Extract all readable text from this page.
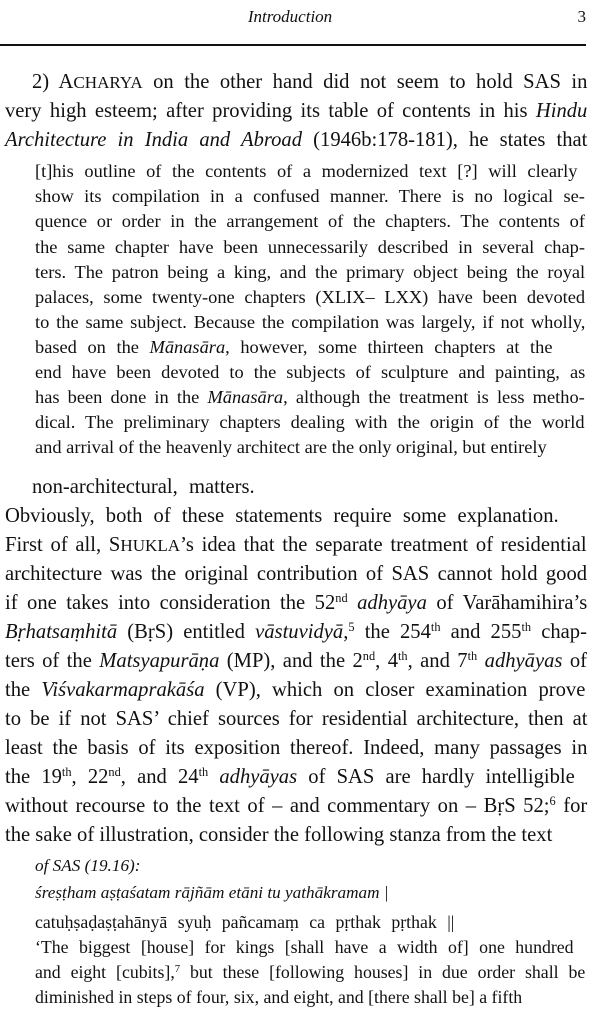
Introduction	3
2) ACHARYA on the other hand did not seem to hold SAS in
very high esteem; after providing its table of contents in his Hindu
Architecture in India and Abroad (1946b:178-181), he states that
[t]his outline of the contents of a modernized text [?] will clearly
show its compilation in a confused manner. There is no logical se-
quence or order in the arrangement of the chapters. The contents of
the same chapter have been unnecessarily described in several chap-
ters. The patron being a king, and the primary object being the royal
palaces, some twenty-one chapters (XLIX– LXX) have been devoted
to the same subject. Because the compilation was largely, if not wholly,
based on the Mānasāra, however, some thirteen chapters at the
end have been devoted to the subjects of sculpture and painting, as
has been done in the Mānasāra, although the treatment is less metho-
dical. The preliminary chapters dealing with the origin of the world
and arrival of the heavenly architect are the only original, but entirely
non-architectural, matters.
Obviously, both of these statements require some explanation.
First of all, SHUKLA’s idea that the separate treatment of residential
architecture was the original contribution of SAS cannot hold good
if one takes into consideration the 52nd adhyāya of Varāhamihira’s
Bṛhatsaṃhitā (BṛS) entitled vāstuvidyā,$^5$ the 254th and 255th chap-
ters of the Matsyapurāṇa (MP), and the 2nd, 4th, and 7th adhyāyas of
the Viśvakarmaprakāśa (VP), which on closer examination prove
to be if not SAS’ chief sources for residential architecture, then at
least the basis of its exposition thereof. Indeed, many passages in
the 19th, 22nd, and 24th adhyāyas of SAS are hardly intelligible
without recourse to the text of – and commentary on – BṛS 52;$^6$ for
the sake of illustration, consider the following stanza from the text
of SAS (19.16):
śreṣṭham aṣṭaśatam rājñām etāni tu yathākramam |
catuḥṣaḍaṣṭahānyā syuḥ pañcamaṃ ca pṛthak pṛthak ||
‘The biggest [house] for kings [shall have a width of] one hundred
and eight [cubits],$^7$ but these [following houses] in due order shall be
diminished in steps of four, six, and eight, and [there shall be] a fifth
